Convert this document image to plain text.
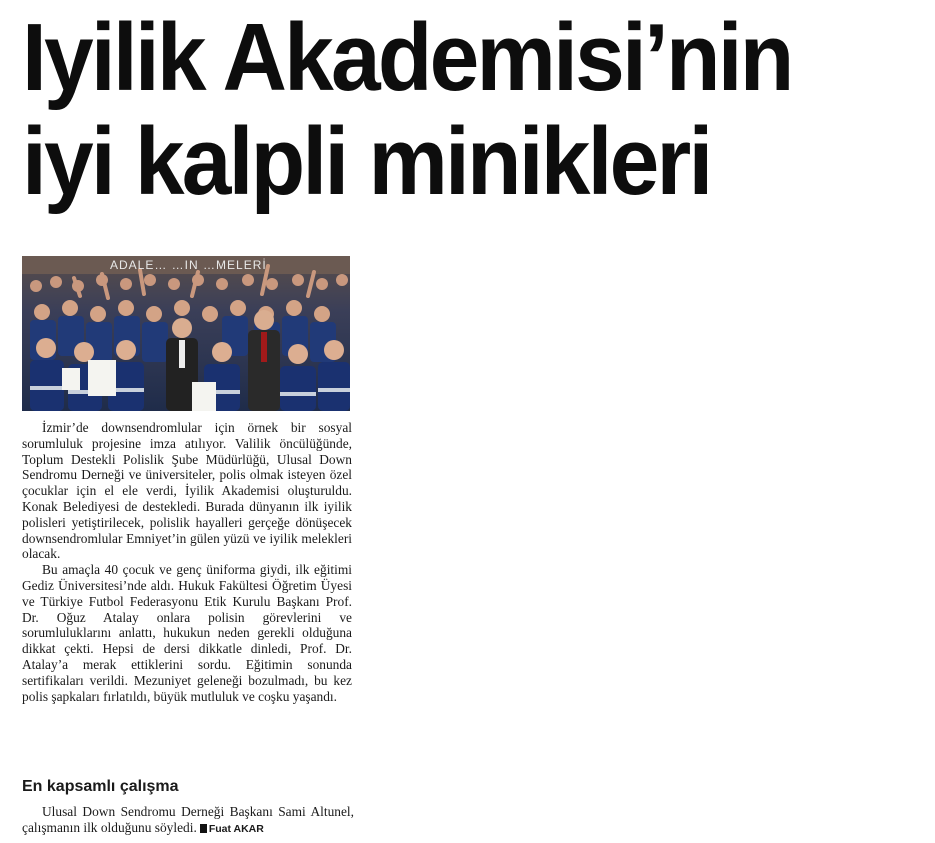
Iyilik Akademisi’nin
iyi kalpli minikleri
ADALE… …IN …MELERİ

İzmir’de downsendromlular için örnek bir sosyal sorumluluk projesine imza atılıyor. Valilik öncülüğünde, Toplum Destekli Polislik Şube Müdürlüğü, Ulusal Down Sendromu Derneği ve üniversiteler, polis olmak isteyen özel çocuklar için el ele verdi, İyilik Akademisi oluşturuldu. Konak Belediyesi de destekledi. Burada dünyanın ilk iyilik polisleri yetiştirilecek, polislik hayalleri gerçeğe dönüşecek downsendromlular Emniyet’in gülen yüzü ve iyilik melekleri olacak.

Bu amaçla 40 çocuk ve genç üniforma giydi, ilk eğitimi Gediz Üniversitesi’nde aldı. Hukuk Fakültesi Öğretim Üyesi ve Türkiye Futbol Federasyonu Etik Kurulu Başkanı Prof. Dr. Oğuz Atalay onlara polisin görevlerini ve sorumluluklarını anlattı, hukukun neden gerekli olduğuna dikkat çekti. Hepsi de dersi dikkatle dinledi, Prof. Dr. Atalay’a merak ettiklerini sordu. Eğitimin sonunda sertifikaları verildi. Mezuniyet geleneği bozulmadı, bu kez polis şapkaları fırlatıldı, büyük mutluluk ve coşku yaşandı.

En kapsamlı çalışma

Ulusal Down Sendromu Derneği Başkanı Sami Altunel, çalışmanın ilk olduğunu söyledi. Fuat AKAR
